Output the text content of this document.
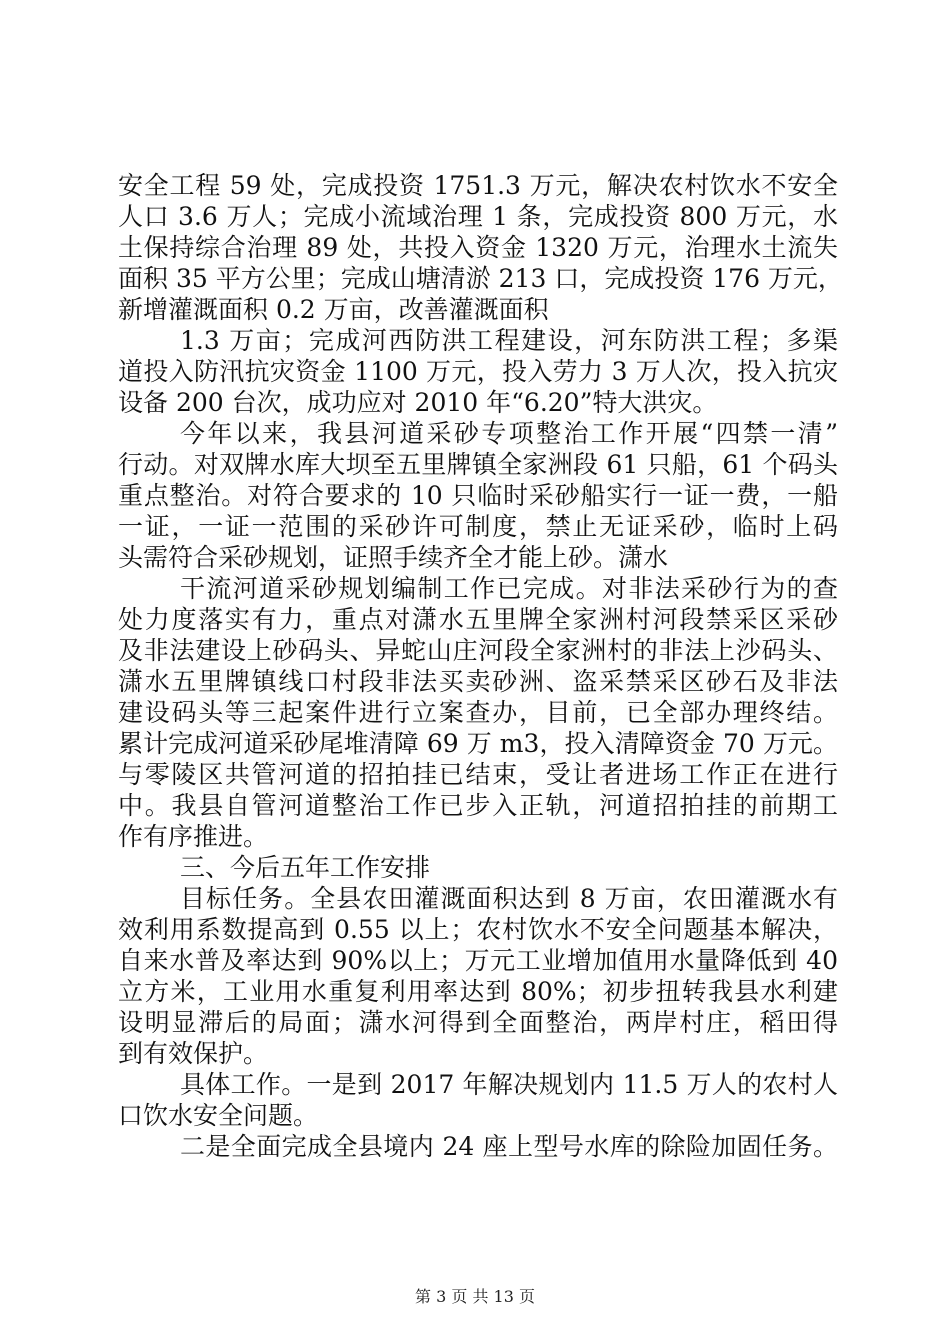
安全工程 59 处，完成投资 1751.3 万元，解决农村饮水不安全
人口 3.6 万人；完成小流域治理 1 条，完成投资 800 万元，水
土保持综合治理 89 处，共投入资金 1320 万元，治理水土流失
面积 35 平方公里；完成山塘清淤 213 口，完成投资 176 万元，
新增灌溉面积 0.2 万亩，改善灌溉面积
1.3 万亩；完成河西防洪工程建设，河东防洪工程；多渠
道投入防汛抗灾资金 1100 万元，投入劳力 3 万人次，投入抗灾
设备 200 台次，成功应对 2010 年“6.20”特大洪灾。
今年以来，我县河道采砂专项整治工作开展“四禁一清”
行动。对双牌水库大坝至五里牌镇全家洲段 61 只船，61 个码头
重点整治。对符合要求的 10 只临时采砂船实行一证一费，一船
一证，一证一范围的采砂许可制度，禁止无证采砂，临时上码
头需符合采砂规划，证照手续齐全才能上砂。潇水
干流河道采砂规划编制工作已完成。对非法采砂行为的查
处力度落实有力，重点对潇水五里牌全家洲村河段禁采区采砂
及非法建设上砂码头、异蛇山庄河段全家洲村的非法上沙码头、
潇水五里牌镇线口村段非法买卖砂洲、盗采禁采区砂石及非法
建设码头等三起案件进行立案查办，目前，已全部办理终结。
累计完成河道采砂尾堆清障 69 万 m3，投入清障资金 70 万元。
与零陵区共管河道的招拍挂已结束，受让者进场工作正在进行
中。我县自管河道整治工作已步入正轨，河道招拍挂的前期工
作有序推进。
三、今后五年工作安排
目标任务。全县农田灌溉面积达到 8 万亩，农田灌溉水有
效利用系数提高到 0.55 以上；农村饮水不安全问题基本解决，
自来水普及率达到 90%以上；万元工业增加值用水量降低到 40
立方米，工业用水重复利用率达到 80%；初步扭转我县水利建
设明显滞后的局面；潇水河得到全面整治，两岸村庄，稻田得
到有效保护。
具体工作。一是到 2017 年解决规划内 11.5 万人的农村人
口饮水安全问题。
二是全面完成全县境内 24 座上型号水库的除险加固任务。
第 3 页 共 13 页
